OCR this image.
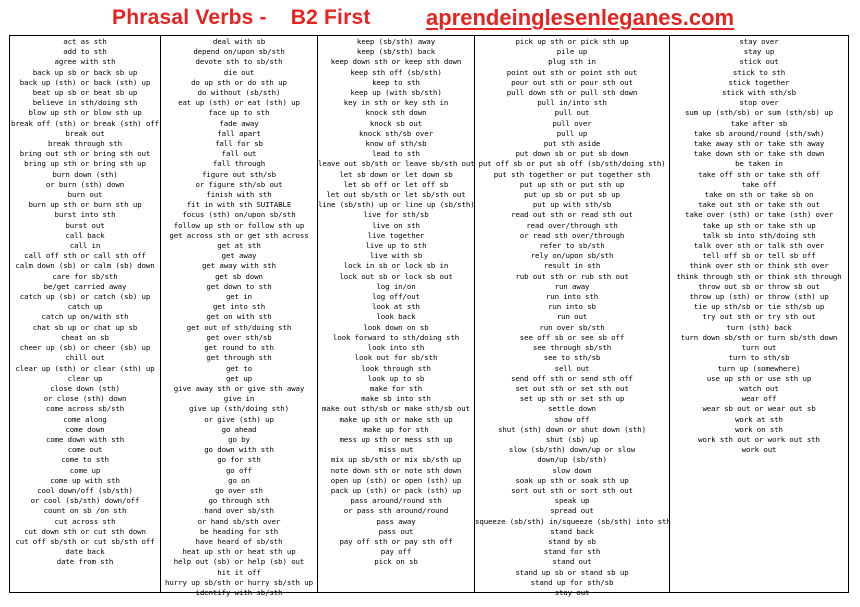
Phrasal Verbs - B2 First	aprendeinglesenleganes.com
act as sth
add to sth
agree with sth
back up sb or back sb up
back up (sth) or back (sth) up
beat up sb or beat sb up
believe in sth/doing sth
blow up sth or blow sth up
break off (sth) or break (sth) off
break out
break through sth
bring out sth or bring sth out
bring up sth or bring sth up
burn down (sth)
or burn (sth) down
burn out
burn up sth or burn sth up
burst into sth
burst out
call back
call in
call off sth or call sth off
calm down (sb) or calm (sb) down
care for sb/sth
be/get carried away
catch up (sb) or catch (sb) up
catch up
catch up on/with sth
chat sb up or chat up sb
cheat on sb
cheer up (sb) or cheer (sb) up
chill out
clear up (sth) or clear (sth) up
clear up
close down (sth)
or close (sth) down
come across sb/sth
come along
come down
come down with sth
come out
come to sth
come up
come up with sth
cool down/off (sb/sth)
or cool (sb/sth) down/off
count on sb /on sth
cut across sth
cut down sth or cut sth down
cut off sb/sth or cut sb/sth off
date back
date from sth
deal with sb
depend on/upon sb/sth
devote sth to sb/sth
die out
do up sth or do sth up
do without (sb/sth)
eat up (sth) or eat (sth) up
face up to sth
fade away
fall apart
fall for sb
fall out
fall through
figure out sth/sb
or figure sth/sb out
finish with sth
fit in with sth SUITABLE
focus (sth) on/upon sb/sth
follow up sth or follow sth up
get across sth or get sth across
get at sth
get away
get away with sth
get sb down
get down to sth
get in
get into sth
get on with sth
get out of sth/doing sth
get over sth/sb
get round to sth
get through sth
get to
get up
give away sth or give sth away
give in
give up (sth/doing sth)
or give (sth) up
go ahead
go by
go down with sth
go for sth
go off
go on
go over sth
go through sth
hand over sb/sth
or hand sb/sth over
be heading for sth
have heard of sb/sth
heat up sth or heat sth up
help out (sb) or help (sb) out
hit it off
hurry up sb/sth or hurry sb/sth up
identify with sb/sth
keep (sb/sth) away
keep (sb/sth) back
keep down sth or keep sth down
keep sth off (sb/sth)
keep to sth
keep up (with sb/sth)
key in sth or key sth in
knock sth down
knock sb out
knock sth/sb over
know of sth/sb
lead to sth
leave out sb/sth or leave sb/sth out
let sb down or let down sb
let sb off or let off sb
let out sb/sth or let sb/sth out
line (sb/sth) up or line up (sb/sth)
live for sth/sb
live on sth
live together
live up to sth
live with sb
lock in sb or lock sb in
lock out sb or lock sb out
log in/on
log off/out
look at sth
look back
look down on sb
look forward to sth/doing sth
look into sth
look out for sb/sth
look through sth
look up to sb
make for sth
make sb into sth
make out sth/sb or make sth/sb out
make up sth or make sth up
make up for sth
mess up sth or mess sth up
miss out
mix up sb/sth or mix sb/sth up
note down sth or note sth down
open up (sth) or open (sth) up
pack up (sth) or pack (sth) up
pass around/round sth
or pass sth around/round
pass away
pass out
pay off sth or pay sth off
pay off
pick on sb
pick up sth or pick sth up
pile up
plug sth in
point out sth or point sth out
pour out sth or pour sth out
pull down sth or pull sth down
pull in/into sth
pull out
pull over
pull up
put sth aside
put down sb or put sb down
put off sb or put sb off (sb/sth/doing sth)
put sth together or put together sth
put up sth or put sth up
put up sb or put sb up
put up with sth/sb
read out sth or read sth out
read over/through sth
or read sth over/through
refer to sb/sth
rely on/upon sb/sth
result in sth
rub out sth or rub sth out
run away
run into sth
run into sb
run out
run over sb/sth
see off sb or see sb off
see through sb/sth
see to sth/sb
sell out
send off sth or send sth off
set out sth or set sth out
set up sth or set sth up
settle down
show off
shut (sth) down or shut down (sth)
shut (sb) up
slow (sb/sth) down/up or slow
down/up (sb/sth)
slow down
soak up sth or soak sth up
sort out sth or sort sth out
speak up
spread out
squeeze (sb/sth) in/squeeze (sb/sth) into sth
stand back
stand by sb
stand for sth
stand out
stand up sb or stand sb up
stand up for sth/sb
stay out
stay over
stay up
stick out
stick to sth
stick together
stick with sth/sb
stop over
sum up (sth/sb) or sum (sth/sb) up
take after sb
take sb around/round (sth/swh)
take away sth or take sth away
take down sth or take sth down
be taken in
take off sth or take sth off
take off
take on sth or take sb on
take out sth or take sth out
take over (sth) or take (sth) over
take up sth or take sth up
talk sb into sth/doing sth
talk over sth or talk sth over
tell off sb or tell sb off
think over sth or think sth over
think through sth or think sth through
throw out sb or throw sb out
throw up (sth) or throw (sth) up
tie up sth/sb or tie sth/sb up
try out sth or try sth out
turn (sth) back
turn down sb/sth or turn sb/sth down
turn out
turn to sth/sb
turn up (somewhere)
use up sth or use sth up
watch out
wear off
wear sb out or wear out sb
work at sth
work on sth
work sth out or work out sth
work out
